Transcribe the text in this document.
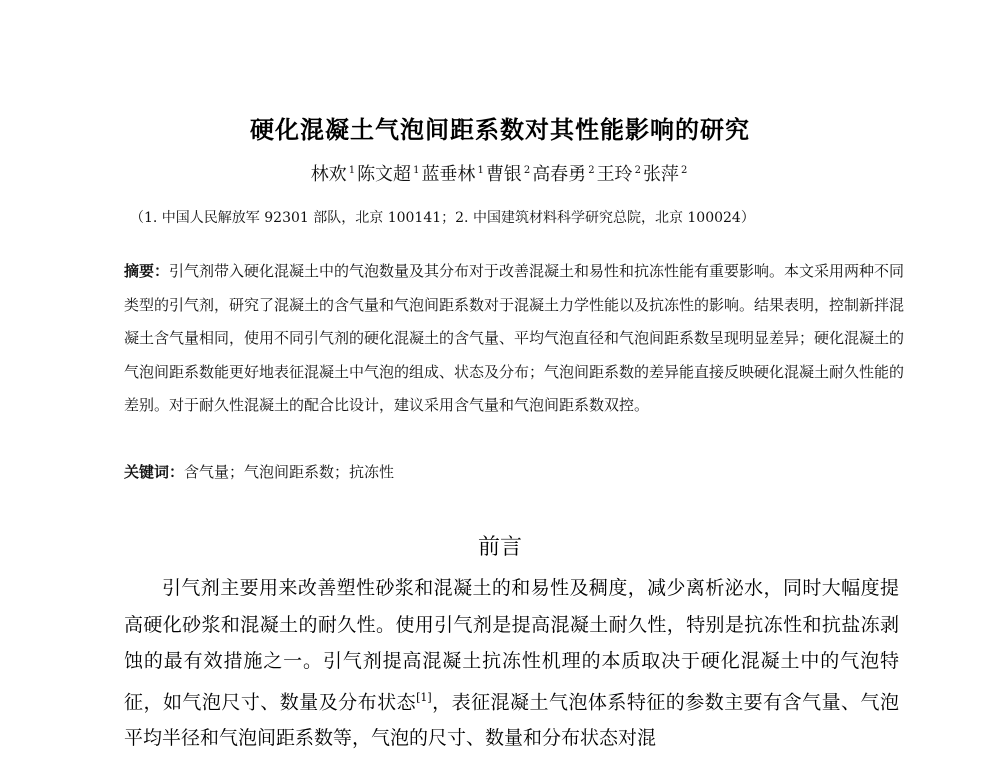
硬化混凝土气泡间距系数对其性能影响的研究
林欢 $^1$ 陈文超 $^1$ 蓝垂林 $^1$ 曹银 $^2$ 高春勇 $^2$ 王玲 $^2$ 张萍 $^2$
（1. 中国人民解放军 92301 部队，北京 100141；2. 中国建筑材料科学研究总院，北京 100024）
摘要：引气剂带入硬化混凝土中的气泡数量及其分布对于改善混凝土和易性和抗冻性能有重要影响。本文采用两种不同类型的引气剂，研究了混凝土的含气量和气泡间距系数对于混凝土力学性能以及抗冻性的影响。结果表明，控制新拌混凝土含气量相同，使用不同引气剂的硬化混凝土的含气量、平均气泡直径和气泡间距系数呈现明显差异；硬化混凝土的气泡间距系数能更好地表征混凝土中气泡的组成、状态及分布；气泡间距系数的差异能直接反映硬化混凝土耐久性能的差别。对于耐久性混凝土的配合比设计，建议采用含气量和气泡间距系数双控。
关键词：含气量；气泡间距系数；抗冻性
前言
引气剂主要用来改善塑性砂浆和混凝土的和易性及稠度，减少离析泌水，同时大幅度提高硬化砂浆和混凝土的耐久性。使用引气剂是提高混凝土耐久性，特别是抗冻性和抗盐冻剥蚀的最有效措施之一。引气剂提高混凝土抗冻性机理的本质取决于硬化混凝土中的气泡特征，如气泡尺寸、数量及分布状态[1]，表征混凝土气泡体系特征的参数主要有含气量、气泡平均半径和气泡间距系数等，气泡的尺寸、数量和分布状态对混
